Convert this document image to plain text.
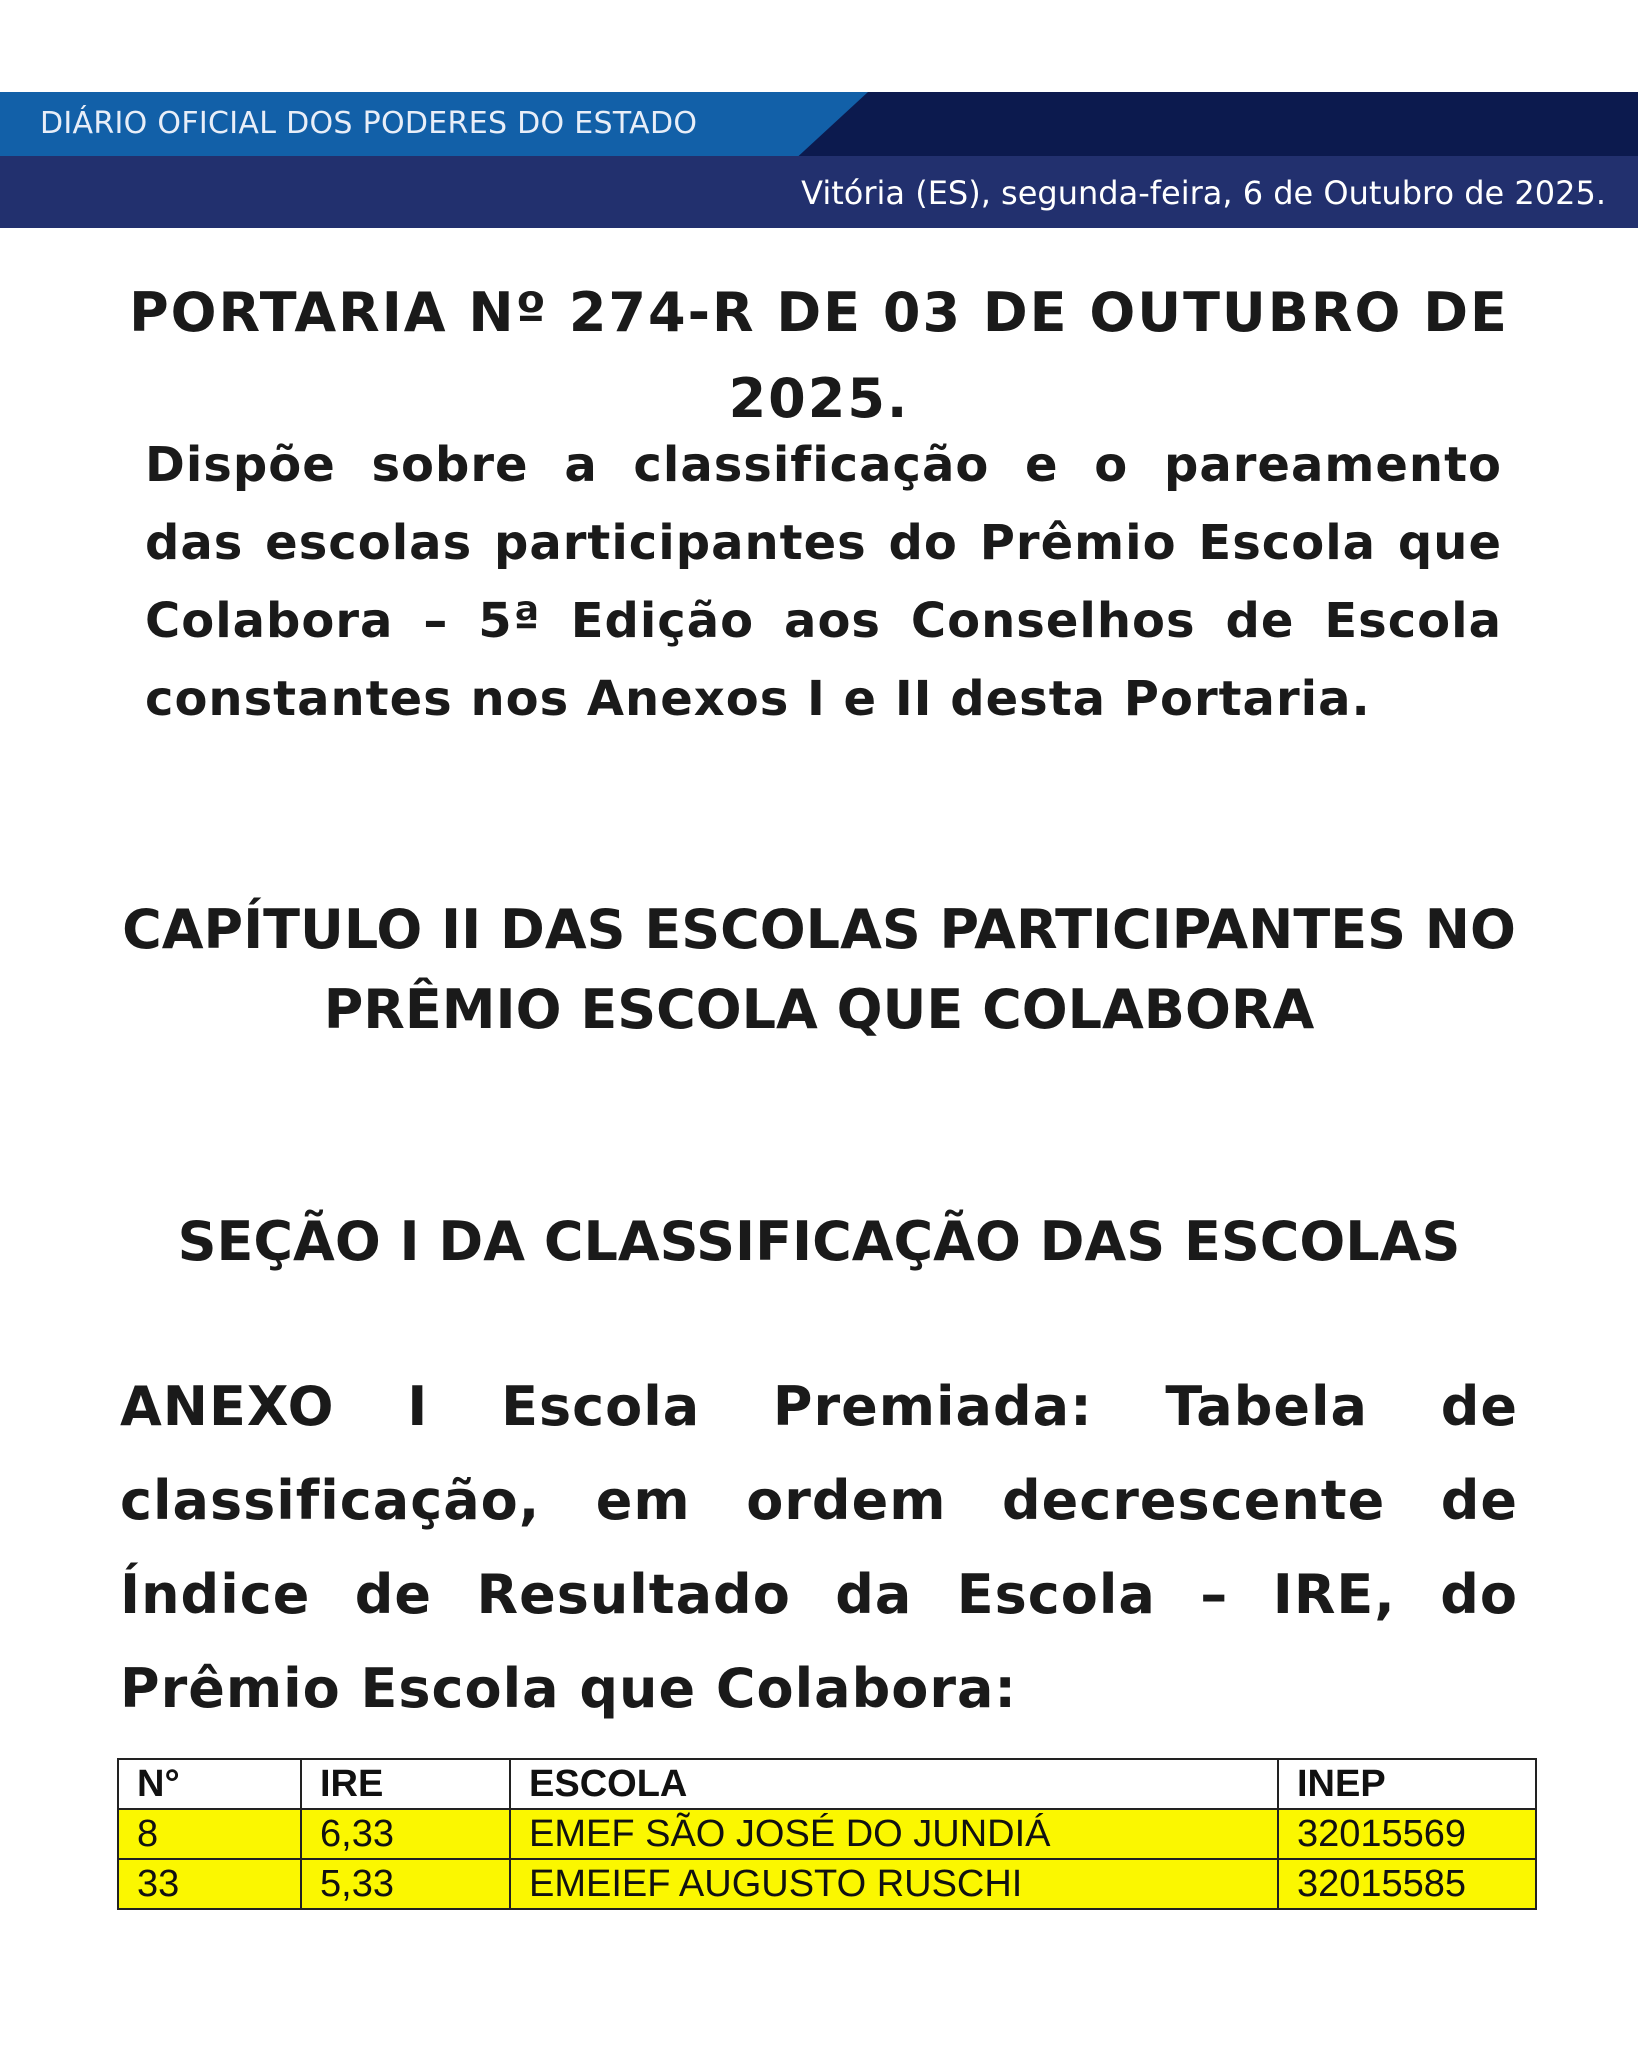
DIÁRIO OFICIAL DOS PODERES DO ESTADO
Vitória (ES), segunda-feira, 6 de Outubro de 2025.
PORTARIA Nº 274-R DE 03 DE OUTUBRO DE 2025.
Dispõe sobre a classificação e o pareamento das escolas participantes do Prêmio Escola que Colabora – 5ª Edição aos Conselhos de Escola constantes nos Anexos I e II desta Portaria.
CAPÍTULO II DAS ESCOLAS PARTICIPANTES NO PRÊMIO ESCOLA QUE COLABORA
SEÇÃO I DA CLASSIFICAÇÃO DAS ESCOLAS
ANEXO I Escola Premiada: Tabela de classificação, em ordem decrescente de Índice de Resultado da Escola – IRE, do Prêmio Escola que Colabora:
N°	IRE	ESCOLA	INEP
8	6,33	EMEF SÃO JOSÉ DO JUNDIÁ	32015569
33	5,33	EMEIEF AUGUSTO RUSCHI	32015585
